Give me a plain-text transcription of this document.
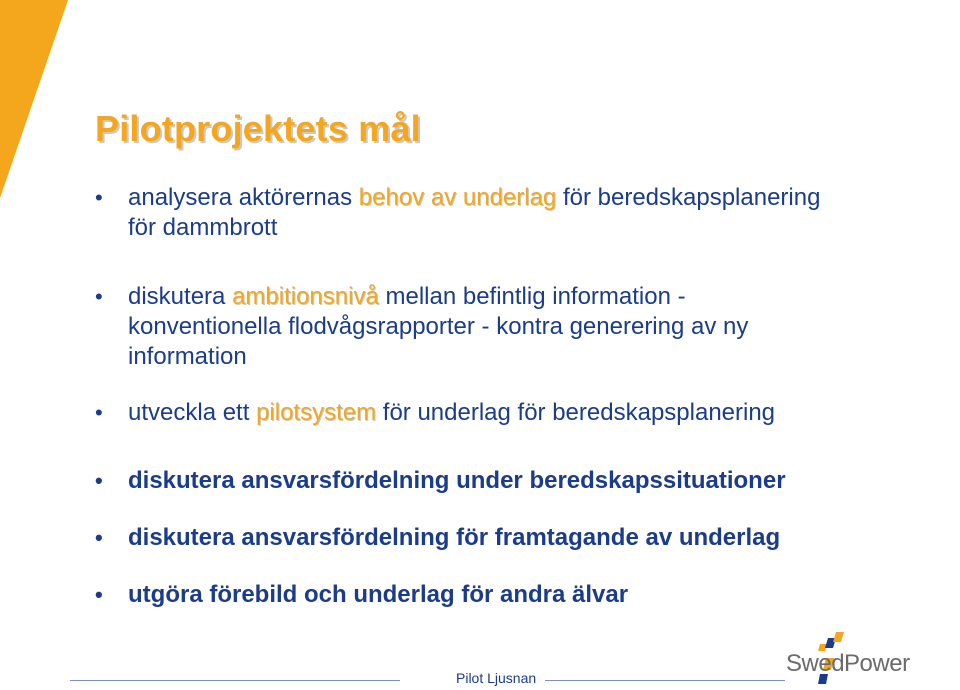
Pilotprojektets mål
• analysera aktörernas behov av underlag för beredskapsplanering
för dammbrott
• diskutera ambitionsnivå mellan befintlig information -
konventionella flodvågsrapporter - kontra generering av ny
information
• utveckla ett pilotsystem för underlag för beredskapsplanering
• diskutera ansvarsfördelning under beredskapssituationer
• diskutera ansvarsfördelning för framtagande av underlag
• utgöra förebild och underlag för andra älvar
Pilot Ljusnan
SwedPower
